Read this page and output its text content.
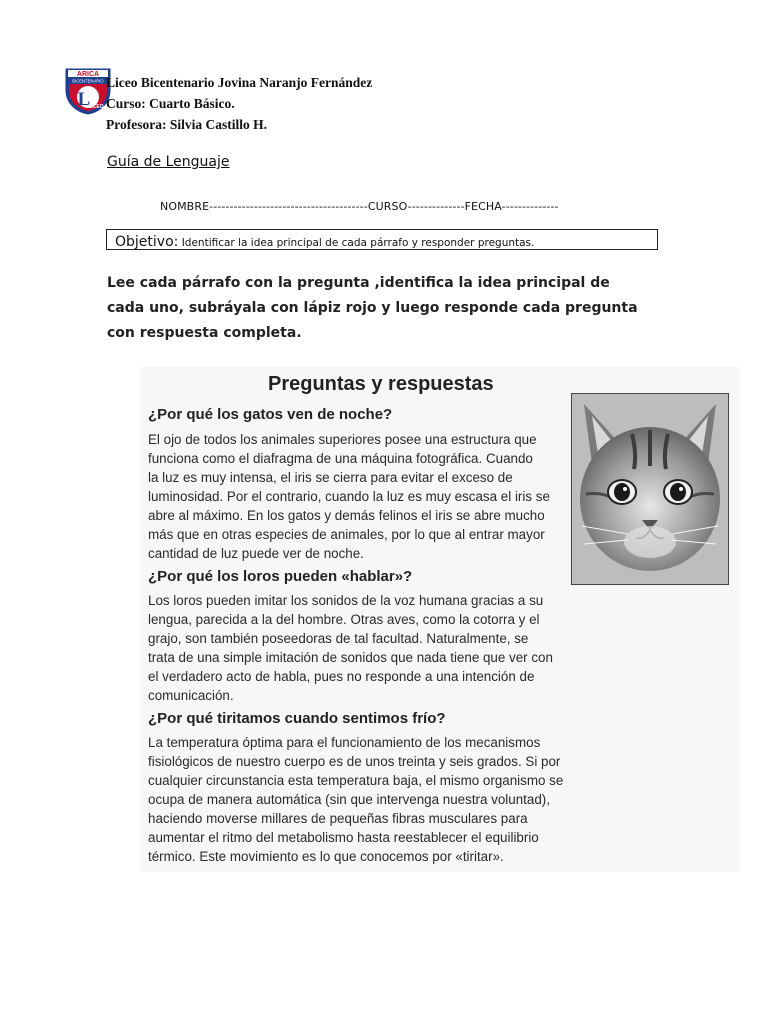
ARICA
BICENTENARIO
L
LICEO
Liceo Bicentenario Jovina Naranjo Fernández
Curso: Cuarto Básico.
Profesora: Silvia Castillo H.
Guía de Lenguaje
NOMBRE---------------------------------------CURSO--------------FECHA--------------
Objetivo: Identificar la idea principal de cada párrafo y responder preguntas.
Lee cada párrafo con la pregunta ,identifica la idea principal de cada uno, subráyala con lápiz rojo y luego responde cada pregunta con respuesta completa.
Preguntas y respuestas
¿Por qué los gatos ven de noche?
El ojo de todos los animales superiores posee una estructura que
funciona como el diafragma de una máquina fotográfica. Cuando
la luz es muy intensa, el iris se cierra para evitar el exceso de
luminosidad. Por el contrario, cuando la luz es muy escasa el iris se
abre al máximo. En los gatos y demás felinos el iris se abre mucho
más que en otras especies de animales, por lo que al entrar mayor
cantidad de luz puede ver de noche.
¿Por qué los loros pueden «hablar»?
Los loros pueden imitar los sonidos de la voz humana gracias a su
lengua, parecida a la del hombre. Otras aves, como la cotorra y el
grajo, son también poseedoras de tal facultad. Naturalmente, se
trata de una simple imitación de sonidos que nada tiene que ver con
el verdadero acto de habla, pues no responde a una intención de
comunicación.
¿Por qué tiritamos cuando sentimos frío?
La temperatura óptima para el funcionamiento de los mecanismos
fisiológicos de nuestro cuerpo es de unos treinta y seis grados. Si por
cualquier circunstancia esta temperatura baja, el mismo organismo se
ocupa de manera automática (sin que intervenga nuestra voluntad),
haciendo moverse millares de pequeñas fibras musculares para
aumentar el ritmo del metabolismo hasta reestablecer el equilibrio
térmico. Este movimiento es lo que conocemos por «tiritar».
